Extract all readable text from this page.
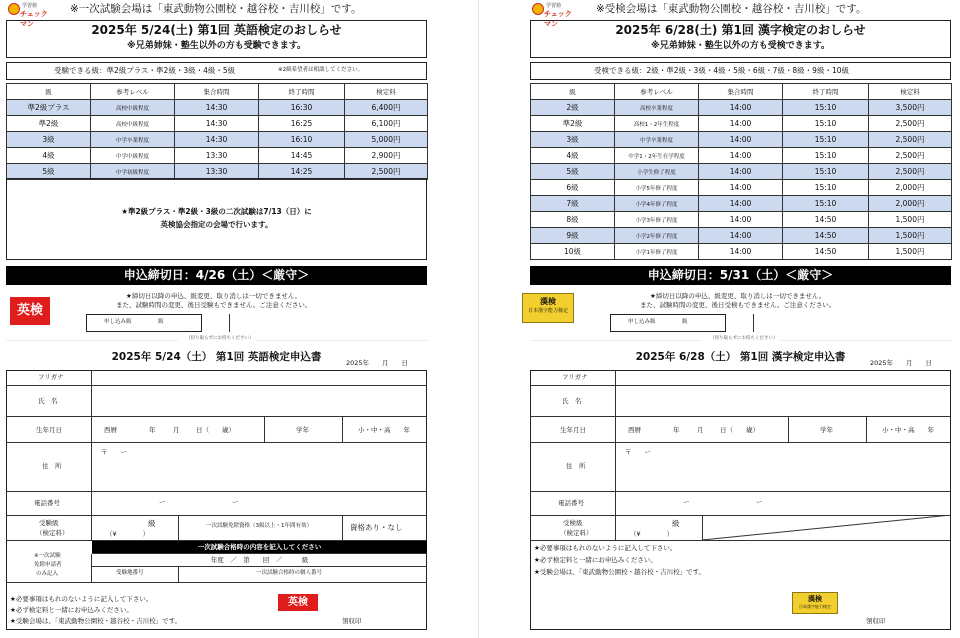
学習塾
チェックマン
※一次試験会場は「東武動物公園校・越谷校・吉川校」です。
2025年 5/24(土) 第1回 英語検定のおしらせ
※兄弟姉妹・塾生以外の方も受験できます。
受験できる級：準2級プラス・準2級・3級・4級・5級	※2級希望者は相談してください。
級	参考レベル	集合時間	終了時間	検定料
準2級プラス	高校中級程度	14:30	16:30	6,400円
準2級	高校中級程度	14:30	16:25	6,100円
3級	中学卒業程度	14:30	16:10	5,000円
4級	中学中級程度	13:30	14:45	2,900円
5級	中学初級程度	13:30	14:25	2,500円
★準2級プラス・準2級・3級の二次試験は7/13（日）に
英検協会指定の会場で行います。
申込締切日：4/26（土）＜厳守＞
英検
★締切日以降の申込、級変更、取り消しは一切できません。
また、試験時間の変更、後日受験もできません。ご注意ください。
申し込み級	級
（切り取らずにお持ちください）
2025年 5/24（土） 第1回 英語検定申込書	2025年　　月　　日
フリガナ
氏　名
生年月日	西暦	年	月	日（　　歳）	学年	小・中・高　　年
住　所
〒　　ー
電話番号	ー	ー
受験級
（検定料）
級
（¥　　　　）
一次試験免除資格（3級以上・1年間有効）	資格あり・なし
※一次試験
免除申請者
のみ記入
一次試験合格時の内容を記入してください
年度　／　第　　回　／　　　級
受験地番号	一次試験合格時の個人番号
★必要事項はもれのないように記入して下さい。
★必ず検定料と一緒にお申込みください。
★受験会場は、「東武動物公園校・越谷校・吉川校」です。
英検
領収印
学習塾
チェックマン
※受検会場は「東武動物公園校・越谷校・吉川校」です。
2025年 6/28(土) 第1回 漢字検定のおしらせ
※兄弟姉妹・塾生以外の方も受検できます。
受検できる級：2級・準2級・3級・4級・5級・6級・7級・8級・9級・10級
級	参考レベル	集合時間	終了時間	検定料
2級	高校卒業程度	14:00	15:10	3,500円
準2級	高校1・2年生程度	14:00	15:10	2,500円
3級	中学卒業程度	14:00	15:10	2,500円
4級	中学1・2年生在学程度	14:00	15:10	2,500円
5級	小学生修了程度	14:00	15:10	2,500円
6級	小学5年修了程度	14:00	15:10	2,000円
7級	小学4年修了程度	14:00	15:10	2,000円
8級	小学3年修了程度	14:00	14:50	1,500円
9級	小学2年修了程度	14:00	14:50	1,500円
10級	小学1年修了程度	14:00	14:50	1,500円
申込締切日：5/31（土）＜厳守＞
漢検
日本漢字能力検定
★締切日以降の申込、級変更、取り消しは一切できません。
また、試験時間の変更、後日受検もできません。ご注意ください。
申し込み級	級
（切り取らずにお持ちください）
2025年 6/28（土） 第1回 漢字検定申込書	2025年　　月　　日
フリガナ
氏　名
生年月日	西暦	年	月	日（　　歳）	学年	小・中・高　　年
住　所
〒　　ー
電話番号	ー	ー
受検級
（検定料）
級
（¥　　　　）
★必要事項はもれのないように記入して下さい。
★必ず検定料と一緒にお申込みください。
★受験会場は、「東武動物公園校・越谷校・吉川校」です。
漢検
日本漢字能力検定
領収印
